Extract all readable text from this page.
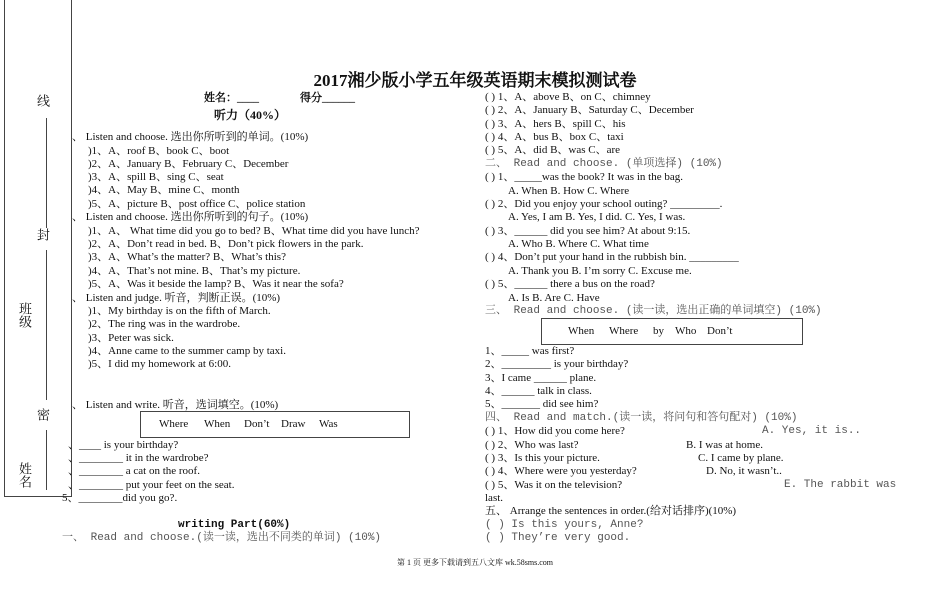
线
封
班级
密
姓名
2017湘少版小学五年级英语期末模拟测试卷
姓名：____	得分______
听力（40%）
、 Listen and choose. 选出你所听到的单词。(10%)
)1、A、roof B、book C、boot
)2、A、January B、February C、December
)3、A、spill B、sing C、seat
)4、A、May B、mine C、month
)5、A、picture B、post office C、police station
、 Listen and choose. 选出你所听到的句子。(10%)
)1、A、 What time did you go to bed? B、What time did you have lunch?
)2、A、Don’t read in bed. B、Don’t pick flowers in the park.
)3、A、What’s the matter? B、What’s this?
)4、A、That’s not mine. B、That’s my picture.
)5、A、Was it beside the lamp? B、Was it near the sofa?
、 Listen and judge. 听音，判断正误。(10%)
)1、My birthday is on the fifth of March.
)2、The ring was in the wardrobe.
)3、Peter was sick.
)4、Anne came to the summer camp by taxi.
)5、I did my homework at 6:00.
、 Listen and write. 听音，选词填空。(10%)
Where When Don’t Draw Was
、____ is your birthday?
、________ it in the wardrobe?
、________ a cat on the roof.
、________ put your feet on the seat.
5、________did you go?.
writing Part(60%)
一、 Read and choose.(读一读，选出不同类的单词) (10%)
( ) 1、A、above B、on C、chimney
( ) 2、A、January B、Saturday C、December
( ) 3、A、hers B、spill C、his
( ) 4、A、bus B、box C、taxi
( ) 5、A、did B、was C、are
二、 Read and choose. (单项选择) (10%)
( ) 1、_____was the book? It was in the bag.
A. When B. How C. Where
( ) 2、Did you enjoy your school outing? _________.
A. Yes, I am B. Yes, I did. C. Yes, I was.
( ) 3、______ did you see him? At about 9:15.
A. Who B. Where C. What time
( ) 4、Don’t put your hand in the rubbish bin. _________
A. Thank you B. I’m sorry C. Excuse me.
( ) 5、______ there a bus on the road?
A. Is B. Are C. Have
三、 Read and choose. (读一读，选出正确的单词填空) (10%)
When Where by Who Don’t
1、_____ was first?
2、_________ is your birthday?
3、I came ______ plane.
4、______ talk in class.
5、_______ did see him?
四、 Read and match.(读一读，将问句和答句配对) (10%)
( ) 1、How did you come here?	A. Yes, it is..
( ) 2、Who was last?	B. I was at home.
( ) 3、Is this your picture.	C. I came by plane.
( ) 4、Where were you yesterday?	D. No, it wasn’t..
( ) 5、Was it on the television?	E. The rabbit was
last.
五、 Arrange the sentences in order.(给对话排序)(10%)
( ) Is this yours, Anne?
( ) They’re very good.
第 1 页 更多下载请到五八文库 wk.58sms.com
